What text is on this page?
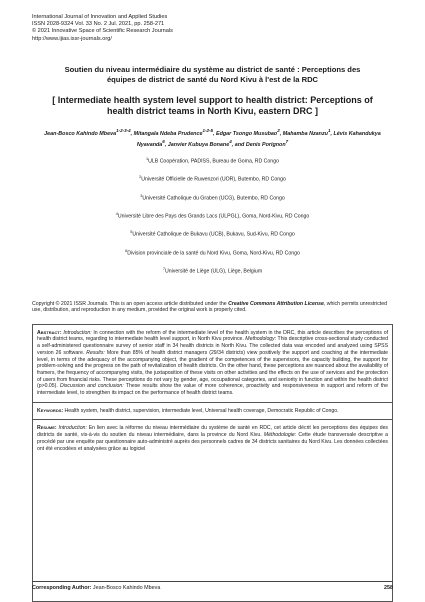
International Journal of Innovation and Applied Studies
ISSN 2028-9324 Vol. 33 No. 2 Jul. 2021, pp. 258-271
© 2021 Innovative Space of Scientific Research Journals
http://www.ijias.issr-journals.org/
Soutien du niveau intermédiaire du système au district de santé : Perceptions des équipes de district de santé du Nord Kivu à l'est de la RDC
[ Intermediate health system level support to health district: Perceptions of health district teams in North Kivu, eastern DRC ]
Jean-Bosco Kahindo Mbeva$^{1-2-3-4}$, Mitangala Ndeba Prudence$^{1-2-5}$, Edgar Tsongo Musubao$^2$, Mahamba Nzanzu$^1$, Lévis Kahandukya Nyavanda$^6$, Janvier Kubuya Bonane$^4$, and Denis Porignon$^7$
$^1$ULB Coopération, PADISS, Bureau de Goma, RD Congo
$^2$Université Officielle de Ruwenzori (UOR), Butembo, RD Congo
$^3$Université Catholique du Graben (UCG), Butembo, RD Congo
$^4$Université Libre des Pays des Grands Lacs (ULPGL), Goma, Nord-Kivu, RD Congo
$^5$Université Catholique de Bukavu (UCB), Bukavu, Sud-Kivu, RD Congo
$^6$Division provinciale de la santé du Nord Kivu, Goma, Nord-Kivu, RD Congo
$^7$Université de Liège (ULG), Liège, Belgium
Copyright © 2021 ISSR Journals. This is an open access article distributed under the Creative Commons Attribution License, which permits unrestricted use, distribution, and reproduction in any medium, provided the original work is properly cited.

Abstract: Introduction: In connection with the reform of the intermediate level of the health system in the DRC, this article describes the perceptions of health district teams, regarding to intermediate health level support, in North Kivu province. Methodology: This descriptive cross-sectional study conducted a self-administered questionnaire survey of senior staff in 34 health districts in North Kivu. The collected data was encoded and analyzed using SPSS version 26 software. Results: More than 85% of health district managers (29/34 districts) view positively the support and coaching at the intermediate level, in terms of the adequacy of the accompanying object, the gradient of the competences of the supervisors, the capacity building, the support for problem-solving and the progress on the path of revitalization of health districts. On the other hand, these perceptions are nuanced about the availability of framers, the frequency of accompanying visits, the juxtaposition of these visits on other activities and the effects on the use of services and the protection of users from financial risks. These perceptions do not vary by gender, age, occupational categories, and seniority in function and within the health district (p>0.05). Discussion and conclusion: These results show the value of more coherence, proactivity and responsiveness in support and reform of the intermediate level, to strengthen its impact on the performance of health district teams.

Keywords: Health system, health district, supervision, intermediate level, Universal health coverage, Democratic Republic of Congo.

Resume: Introduction: En lien avec la réforme du niveau intermédiaire du système de santé en RDC, cet article décrit les perceptions des équipes des districts de santé, vis-à-vis du soutien du niveau intermédiaire, dans la province du Nord Kivu. Méthodologie: Cette étude transversale descriptive a procédé par une enquête par questionnaire auto-administré auprès des personnels cadres de 34 districts sanitaires du Nord Kivu. Les données collectées ont été encodées et analysées grâce au logiciel

Corresponding Author: Jean-Bosco Kahindo Mbeva	258
